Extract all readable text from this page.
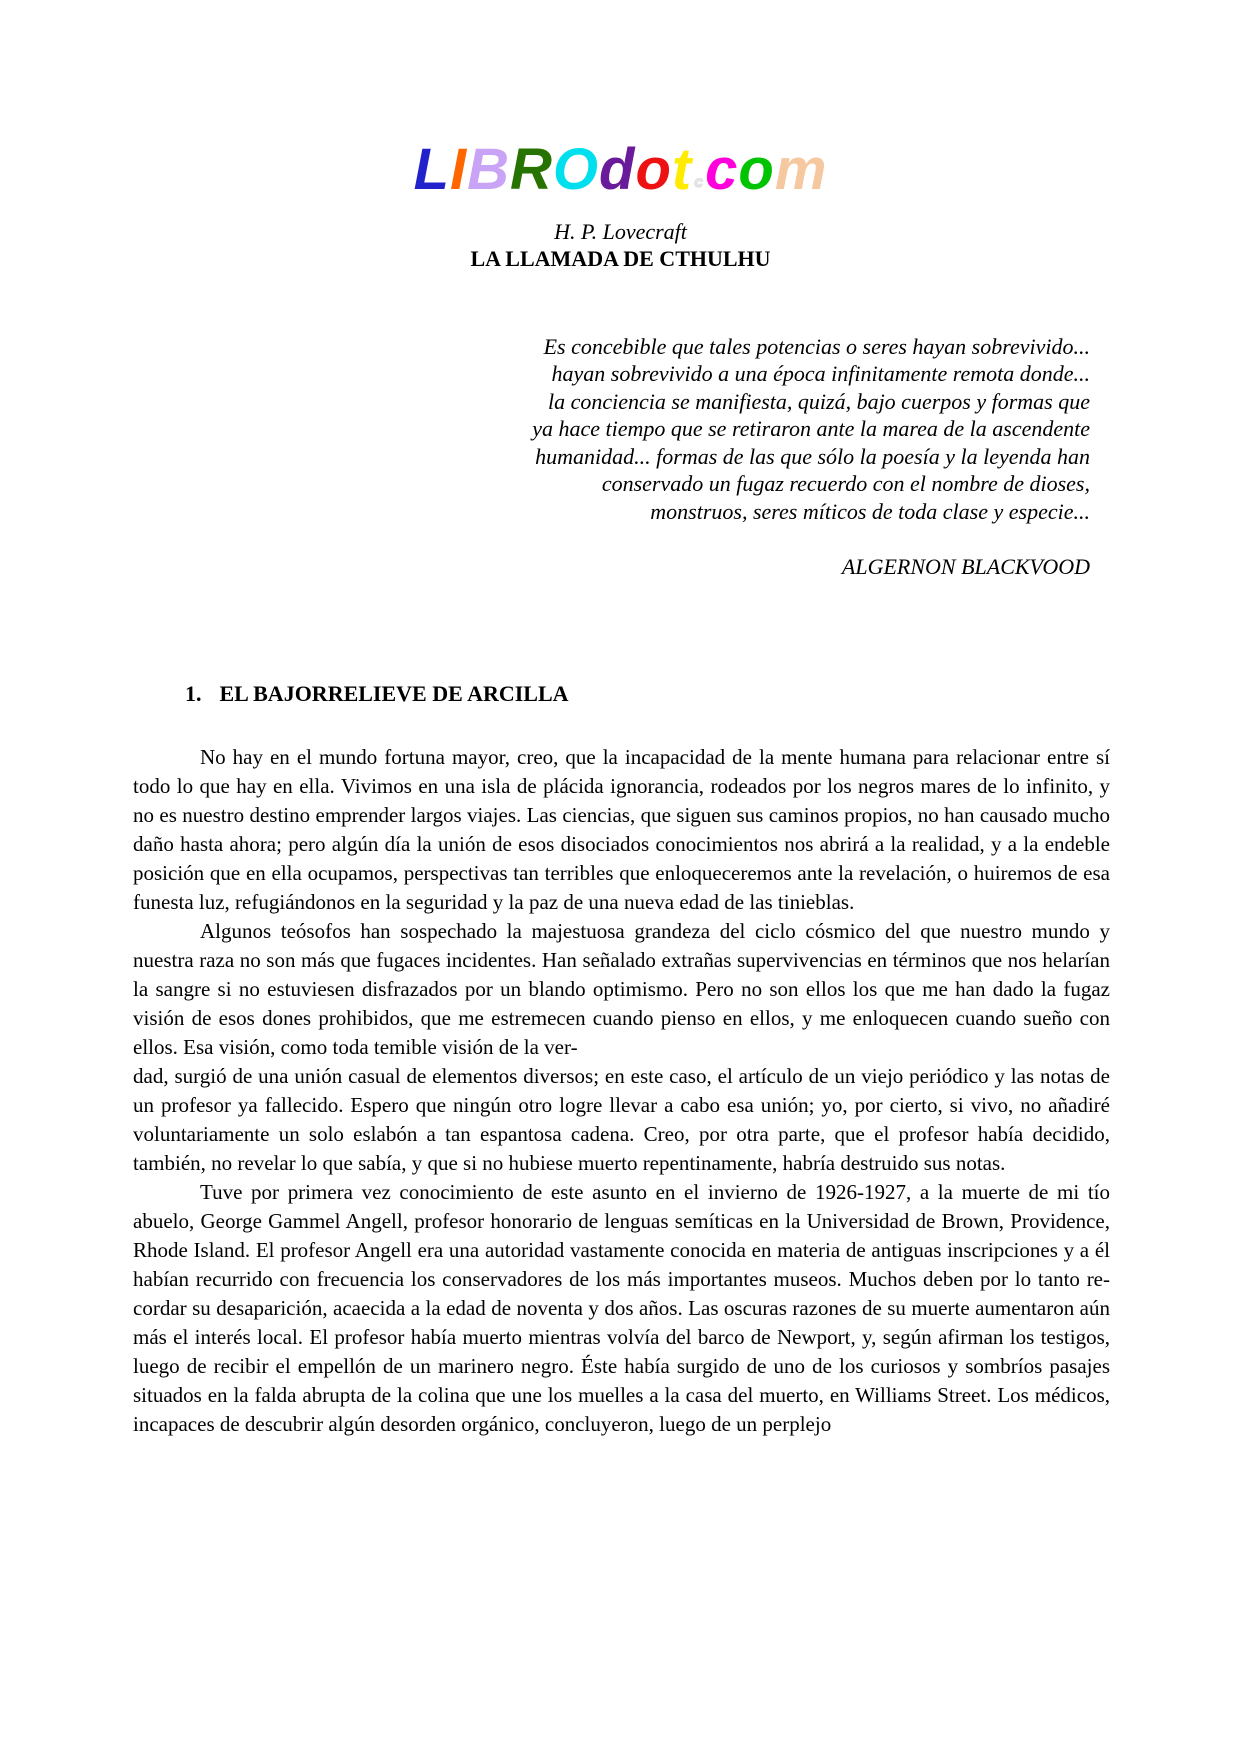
LIBROdot ccom
H. P. Lovecraft
LA LLAMADA DE CTHULHU
Es concebible que tales potencias o seres hayan sobrevivido...
hayan sobrevivido a una época infinitamente remota donde...
la conciencia se manifiesta, quizá, bajo cuerpos y formas que
ya hace tiempo que se retiraron ante la marea de la ascendente
humanidad... formas de las que sólo la poesía y la leyenda han
conservado un fugaz recuerdo con el nombre de dioses,
monstruos, seres míticos de toda clase y especie...
ALGERNON BLACKVOOD
1. EL BAJORRELIEVE DE ARCILLA

No hay en el mundo fortuna mayor, creo, que la incapacidad de la mente humana para relacionar entre sí todo lo que hay en ella. Vivimos en una isla de plácida ignorancia, rodeados por los negros mares de lo infinito, y no es nuestro destino emprender largos viajes. Las ciencias, que siguen sus caminos propios, no han causado mucho daño hasta ahora; pero algún día la unión de esos disociados conocimientos nos abrirá a la realidad, y a la endeble posición que en ella ocupamos, perspectivas tan terribles que enloqueceremos ante la revelación, o huiremos de esa funesta luz, refugiándonos en la seguridad y la paz de una nueva edad de las tinieblas.

Algunos teósofos han sospechado la majestuosa grandeza del ciclo cósmico del que nuestro mundo y nuestra raza no son más que fugaces incidentes. Han señalado extrañas supervivencias en términos que nos helarían la sangre si no estuviesen disfrazados por un blando optimismo. Pero no son ellos los que me han dado la fugaz visión de esos dones prohibidos, que me estremecen cuando pienso en ellos, y me enloquecen cuando sueño con ellos. Esa visión, como toda temible visión de la ver-

dad, surgió de una unión casual de elementos diversos; en este caso, el artículo de un viejo periódico y las notas de un profesor ya fallecido. Espero que ningún otro logre llevar a cabo esa unión; yo, por cierto, si vivo, no añadiré voluntariamente un solo eslabón a tan espantosa cadena. Creo, por otra parte, que el profesor había decidido, también, no revelar lo que sabía, y que si no hubiese muerto repentinamente, habría destruido sus notas.

Tuve por primera vez conocimiento de este asunto en el invierno de 1926-1927, a la muerte de mi tío abuelo, George Gammel Angell, profesor honorario de lenguas semíticas en la Universidad de Brown, Providence, Rhode Island. El profesor Angell era una autoridad vastamente conocida en materia de antiguas inscripciones y a él habían recurrido con frecuencia los conservadores de los más importantes museos. Muchos deben por lo tanto re-cordar su desaparición, acaecida a la edad de noventa y dos años. Las oscuras razones de su muerte aumentaron aún más el interés local. El profesor había muerto mientras volvía del barco de Newport, y, según afirman los testigos, luego de recibir el empellón de un marinero negro. Éste había surgido de uno de los curiosos y sombríos pasajes situados en la falda abrupta de la colina que une los muelles a la casa del muerto, en Williams Street. Los médicos, incapaces de descubrir algún desorden orgánico, concluyeron, luego de un perplejo
